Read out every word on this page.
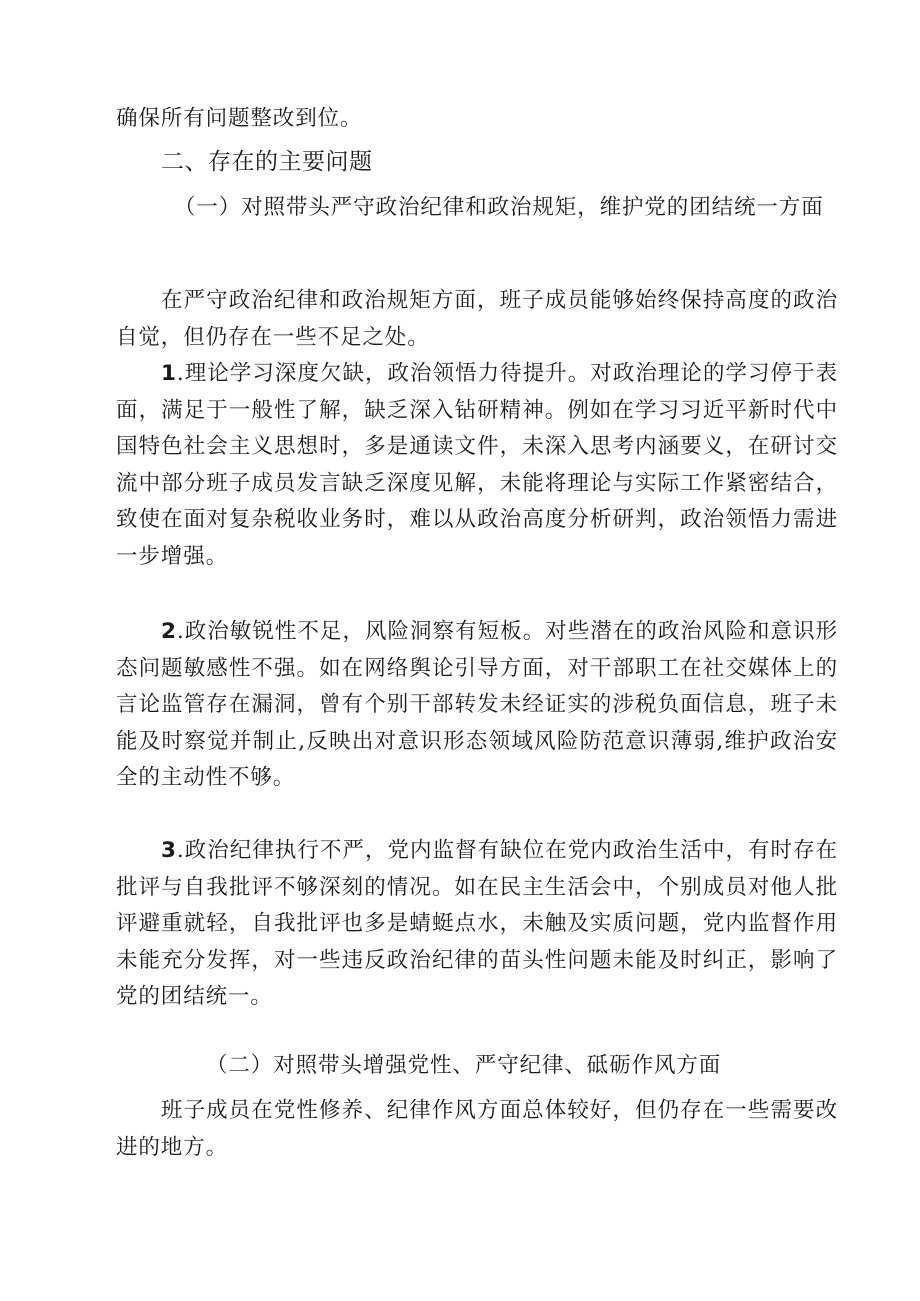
确保所有问题整改到位。

二、存在的主要问题

（一）对照带头严守政治纪律和政治规矩，维护党的团结统一方面

在严守政治纪律和政治规矩方面，班子成员能够始终保持高度的政治自觉，但仍存在一些不足之处。

1.理论学习深度欠缺，政治领悟力待提升。对政治理论的学习停于表面，满足于一般性了解，缺乏深入钻研精神。例如在学习习近平新时代中国特色社会主义思想时，多是通读文件，未深入思考内涵要义，在研讨交流中部分班子成员发言缺乏深度见解，未能将理论与实际工作紧密结合，致使在面对复杂税收业务时，难以从政治高度分析研判，政治领悟力需进一步增强。

2.政治敏锐性不足，风险洞察有短板。对些潜在的政治风险和意识形态问题敏感性不强。如在网络舆论引导方面，对干部职工在社交媒体上的言论监管存在漏洞，曾有个别干部转发未经证实的涉税负面信息，班子未能及时察觉并制止,反映出对意识形态领域风险防范意识薄弱,维护政治安全的主动性不够。

3.政治纪律执行不严，党内监督有缺位在党内政治生活中，有时存在批评与自我批评不够深刻的情况。如在民主生活会中，个别成员对他人批评避重就轻，自我批评也多是蜻蜓点水，未触及实质问题，党内监督作用未能充分发挥，对一些违反政治纪律的苗头性问题未能及时纠正，影响了党的团结统一。

（二）对照带头增强党性、严守纪律、砥砺作风方面

班子成员在党性修养、纪律作风方面总体较好，但仍存在一些需要改进的地方。
